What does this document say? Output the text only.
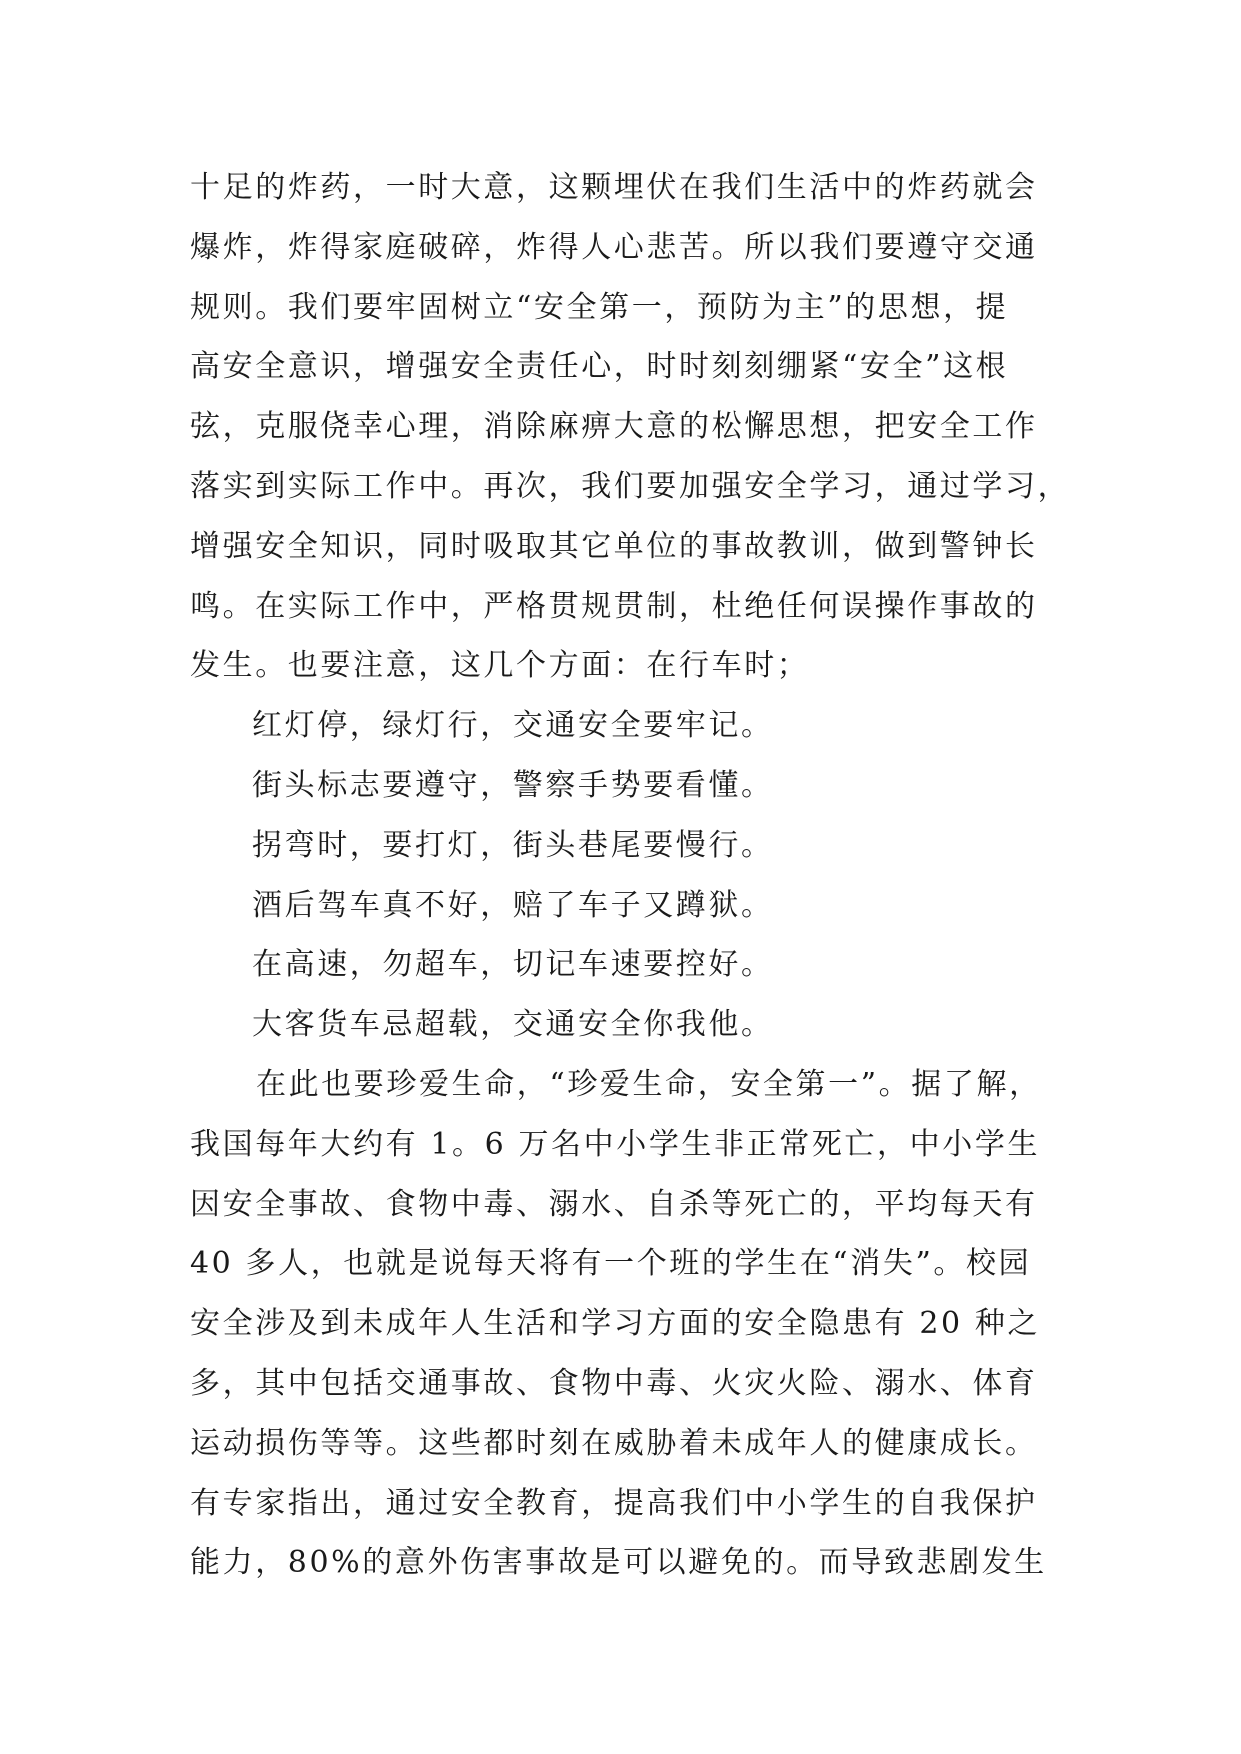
十足的炸药，一时大意，这颗埋伏在我们生活中的炸药就会
爆炸，炸得家庭破碎，炸得人心悲苦。所以我们要遵守交通
规则。我们要牢固树立“安全第一，预防为主”的思想，提
高安全意识，增强安全责任心，时时刻刻绷紧“安全”这根
弦，克服侥幸心理，消除麻痹大意的松懈思想，把安全工作
落实到实际工作中。再次，我们要加强安全学习，通过学习，
增强安全知识，同时吸取其它单位的事故教训，做到警钟长
鸣。在实际工作中，严格贯规贯制，杜绝任何误操作事故的
发生。也要注意，这几个方面：在行车时；
红灯停，绿灯行，交通安全要牢记。
街头标志要遵守，警察手势要看懂。
拐弯时，要打灯，街头巷尾要慢行。
酒后驾车真不好，赔了车子又蹲狱。
在高速，勿超车，切记车速要控好。
大客货车忌超载，交通安全你我他。
在此也要珍爱生命，“珍爱生命，安全第一”。据了解，
我国每年大约有 1。6 万名中小学生非正常死亡，中小学生
因安全事故、食物中毒、溺水、自杀等死亡的，平均每天有
40 多人，也就是说每天将有一个班的学生在“消失”。校园
安全涉及到未成年人生活和学习方面的安全隐患有 20 种之
多，其中包括交通事故、食物中毒、火灾火险、溺水、体育
运动损伤等等。这些都时刻在威胁着未成年人的健康成长。
有专家指出，通过安全教育，提高我们中小学生的自我保护
能力，80%的意外伤害事故是可以避免的。而导致悲剧发生
